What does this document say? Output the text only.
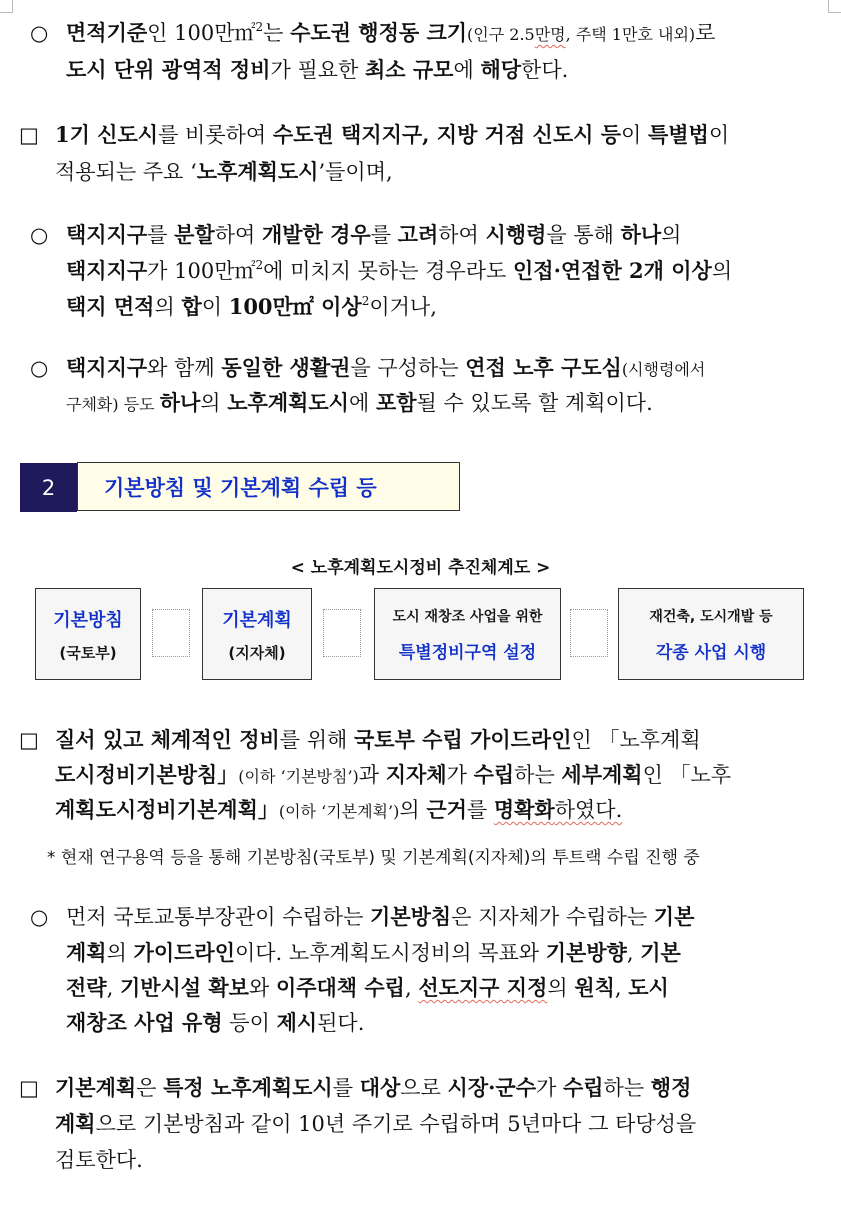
○ 면적기준인 100만㎡$^2$는 수도권 행정동 크기(인구 2.5만명, 주택 1만호 내외)로
도시 단위 광역적 정비가 필요한 최소 규모에 해당한다.
□ 1기 신도시를 비롯하여 수도권 택지지구, 지방 거점 신도시 등이 특별법이
적용되는 주요 ‘노후계획도시’들이며,
○ 택지지구를 분할하여 개발한 경우를 고려하여 시행령을 통해 하나의
택지지구가 100만㎡$^2$에 미치지 못하는 경우라도 인접·연접한 2개 이상의
택지 면적의 합이 100만㎡ 이상$^2$이거나,
○ 택지지구와 함께 동일한 생활권을 구성하는 연접 노후 구도심(시행령에서
구체화) 등도 하나의 노후계획도시에 포함될 수 있도록 할 계획이다.
2	기본방침 및 기본계획 수립 등
< 노후계획도시정비 추진체계도 >
기본방침
(국토부)
기본계획
(지자체)
도시 재창조 사업을 위한
특별정비구역 설정
재건축, 도시개발 등
각종 사업 시행
□ 질서 있고 체계적인 정비를 위해 국토부 수립 가이드라인인 「노후계획
도시정비기본방침」(이하 ‘기본방침’)과 지자체가 수립하는 세부계획인 「노후
계획도시정비기본계획」(이하 ‘기본계획’)의 근거를 명확화하였다.
* 현재 연구용역 등을 통해 기본방침(국토부) 및 기본계획(지자체)의 투트랙 수립 진행 중
○ 먼저 국토교통부장관이 수립하는 기본방침은 지자체가 수립하는 기본
계획의 가이드라인이다. 노후계획도시정비의 목표와 기본방향, 기본
전략, 기반시설 확보와 이주대책 수립, 선도지구 지정의 원칙, 도시
재창조 사업 유형 등이 제시된다.
□ 기본계획은 특정 노후계획도시를 대상으로 시장·군수가 수립하는 행정
계획으로 기본방침과 같이 10년 주기로 수립하며 5년마다 그 타당성을
검토한다.
